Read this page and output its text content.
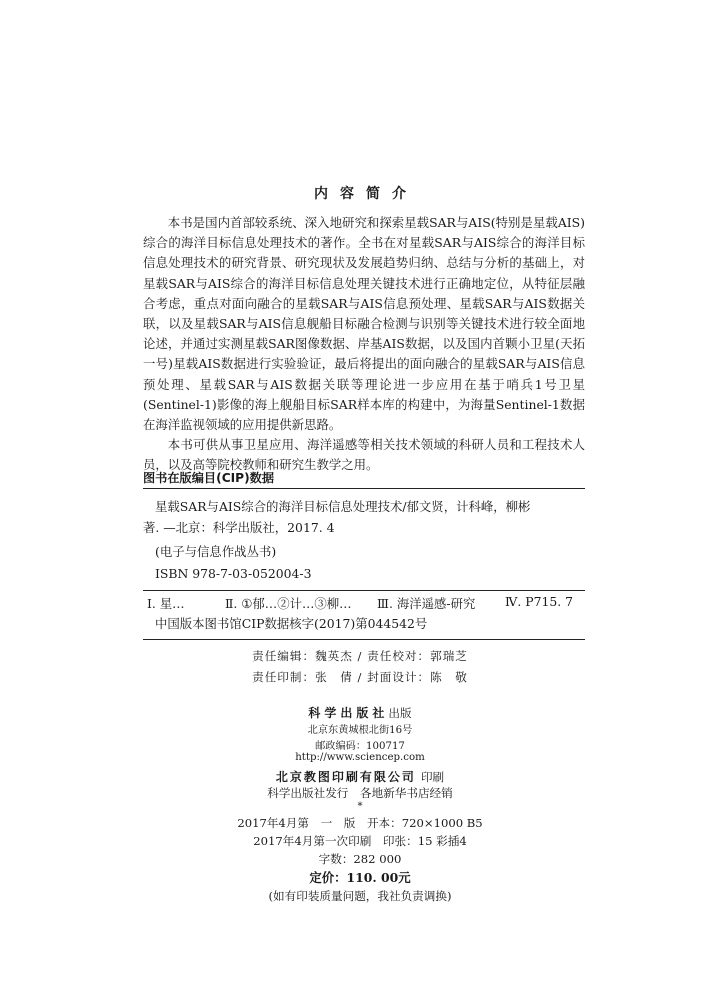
内容简介

本书是国内首部较系统、深入地研究和探索星载SAR与AIS(特别是星载AIS)综合的海洋目标信息处理技术的著作。全书在对星载SAR与AIS综合的海洋目标信息处理技术的研究背景、研究现状及发展趋势归纳、总结与分析的基础上，对星载SAR与AIS综合的海洋目标信息处理关键技术进行正确地定位，从特征层融合考虑，重点对面向融合的星载SAR与AIS信息预处理、星载SAR与AIS数据关联，以及星载SAR与AIS信息舰船目标融合检测与识别等关键技术进行较全面地论述，并通过实测星载SAR图像数据、岸基AIS数据，以及国内首颗小卫星(天拓一号)星载AIS数据进行实验验证，最后将提出的面向融合的星载SAR与AIS信息预处理、星载SAR与AIS数据关联等理论进一步应用在基于哨兵1号卫星(Sentinel-1)影像的海上舰船目标SAR样本库的构建中，为海量Sentinel-1数据在海洋监视领域的应用提供新思路。

本书可供从事卫星应用、海洋遥感等相关技术领域的科研人员和工程技术人员，以及高等院校教师和研究生教学之用。

图书在版编目(CIP)数据
星载SAR与AIS综合的海洋目标信息处理技术/郁文贤，计科峰，柳彬
著. —北京：科学出版社，2017. 4
(电子与信息作战丛书)
ISBN 978-7-03-052004-3
Ⅰ. 星…	Ⅱ. ①郁…②计…③柳… Ⅲ. 海洋遥感-研究 Ⅳ. P715. 7
中国版本图书馆CIP数据核字(2017)第044542号
责任编辑：魏英杰 / 责任校对：郭瑞芝
责任印制：张　倩 / 封面设计：陈　敬
科学出版社出版
北京东黄城根北街16号
邮政编码：100717
http://www.sciencep.com
北京教图印刷有限公司 印刷
科学出版社发行　各地新华书店经销
*
2017年4月第　一　版　开本：720×1000 B5
2017年4月第一次印刷　印张：15 彩插4
字数：282 000
定价：110. 00元
(如有印装质量问题，我社负责调换)
